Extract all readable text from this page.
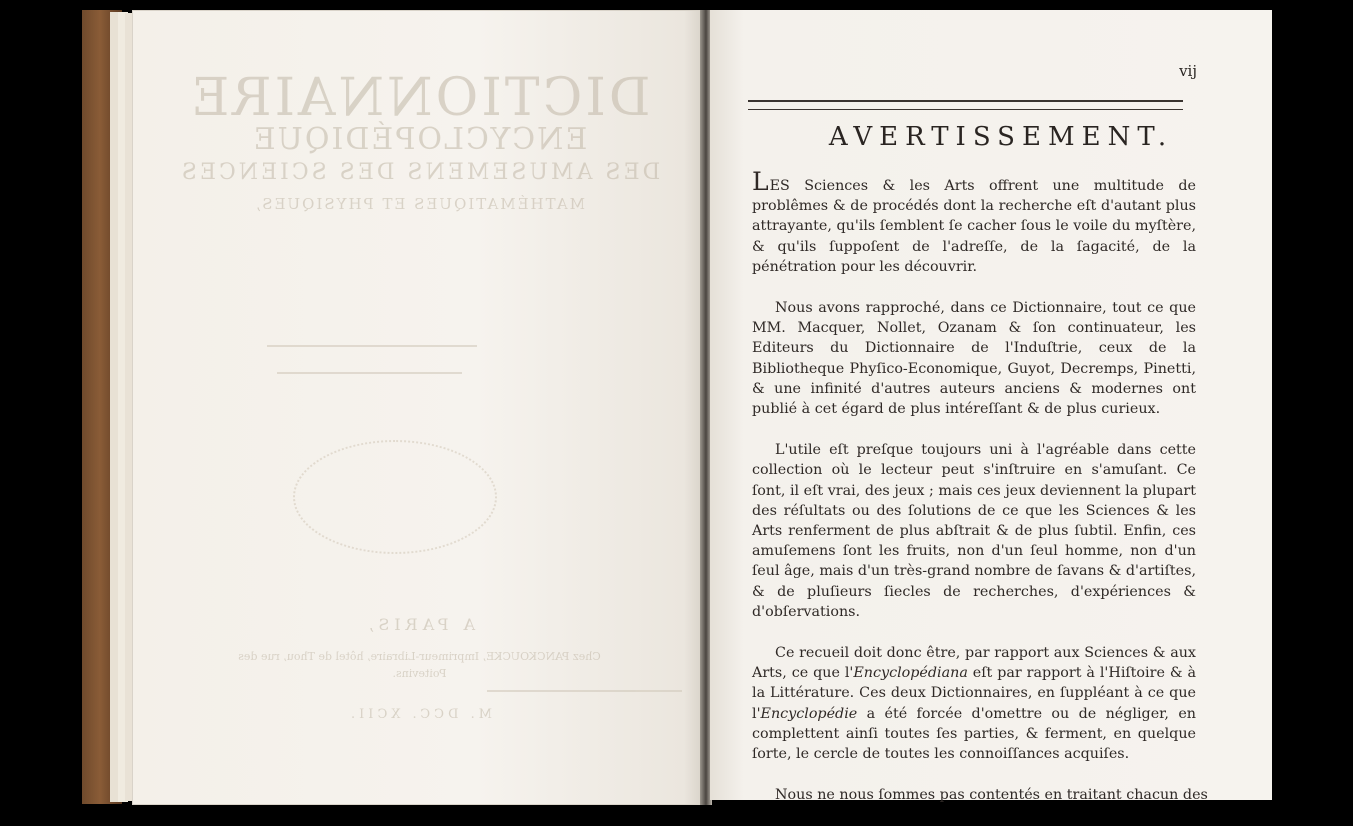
DICTIONNAIRE
ENCYCLOPÉDIQUE
DES AMUSEMENS DES SCIENCES
MATHÉMATIQUES ET PHYSIQUES,
A PARIS,
Chez PANCKOUCKE, Imprimeur-Libraire, hôtel de Thou, rue des
Poitevins.
M. DCC. XCII.
vij
AVERTISSEMENT.

LES Sciences & les Arts offrent une multitude de problêmes & de procédés dont la recherche eſt d'autant plus attrayante, qu'ils ſemblent ſe cacher ſous le voile du myſtère, & qu'ils ſuppoſent de l'adreſſe, de la ſagacité, de la pénétration pour les découvrir.

Nous avons rapproché, dans ce Dictionnaire, tout ce que MM. Macquer, Nollet, Ozanam & ſon continuateur, les Editeurs du Dictionnaire de l'Induſtrie, ceux de la Bibliotheque Phyſico-Economique, Guyot, Decremps, Pinetti, & une infinité d'autres auteurs anciens & modernes ont publié à cet égard de plus intéreſſant & de plus curieux.

L'utile eſt preſque toujours uni à l'agréable dans cette collection où le lecteur peut s'inſtruire en s'amuſant. Ce ſont, il eſt vrai, des jeux ; mais ces jeux deviennent la plupart des réſultats ou des ſolutions de ce que les Sciences & les Arts renferment de plus abſtrait & de plus ſubtil. Enfin, ces amuſemens ſont les fruits, non d'un ſeul homme, non d'un ſeul âge, mais d'un très-grand nombre de ſavans & d'artiſtes, & de pluſieurs ſiecles de recherches, d'expériences & d'obſervations.

Ce recueil doit donc être, par rapport aux Sciences & aux Arts, ce que l'Encyclopédiana eſt par rapport à l'Hiſtoire & à la Littérature. Ces deux Dictionnaires, en ſuppléant à ce que l'Encyclopédie a été forcée d'omettre ou de négliger, en complettent ainſi toutes ſes parties, & ferment, en quelque ſorte, le cercle de toutes les connoiſſances acquiſes.

Nous ne nous ſommes pas contentés en traitant chacun des
